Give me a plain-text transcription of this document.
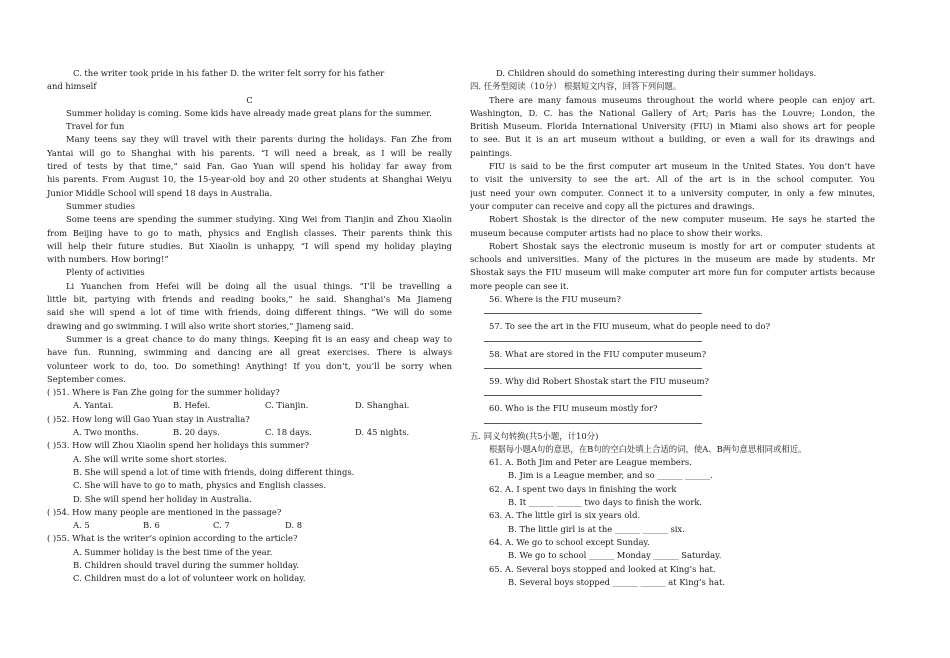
C. the writer took pride in his father D. the writer felt sorry for his father
and himself
C
Summer holiday is coming. Some kids have already made great plans for the summer.
Travel for fun
Many teens say they will travel with their parents during the holidays. Fan Zhe from
Yantai will go to Shanghai with his parents. “I will need a break, as I will be really
tired of tests by that time,” said Fan. Gao Yuan will spend his holiday far away from
his parents. From August 10, the 15-year-old boy and 20 other students at Shanghai Weiyu
Junior Middle School will spend 18 days in Australia.
Summer studies
Some teens are spending the summer studying. Xing Wei from Tianjin and Zhou Xiaolin
from Beijing have to go to math, physics and English classes. Their parents think this
will help their future studies. But Xiaolin is unhappy, “I will spend my holiday playing
with numbers. How boring!”
Plenty of activities
Li Yuanchen from Hefei will be doing all the usual things. “I’ll be travelling a
little bit, partying with friends and reading books,” he said. Shanghai’s Ma Jiameng
said she will spend a lot of time with friends, doing different things. “We will do some
drawing and go swimming. I will also write short stories,” Jiameng said.
Summer is a great chance to do many things. Keeping fit is an easy and cheap way to
have fun. Running, swimming and dancing are all great exercises. There is always
volunteer work to do, too. Do something! Anything! If you don’t, you’ll be sorry when
September comes.
( )51. Where is Fan Zhe going for the summer holiday?
A. Yantai.	B. Hefei.	C. Tianjin.	D. Shanghai.
( )52. How long will Gao Yuan stay in Australia?
A. Two months.	B. 20 days.	C. 18 days.	D. 45 nights.
( )53. How will Zhou Xiaolin spend her holidays this summer?
A. She will write some short stories.
B. She will spend a lot of time with friends, doing different things.
C. She will have to go to math, physics and English classes.
D. She will spend her holiday in Australia.
( )54. How many people are mentioned in the passage?
A. 5	B. 6	C. 7	D. 8
( )55. What is the writer’s opinion according to the article?
A. Summer holiday is the best time of the year.
B. Children should travel during the summer holiday.
C. Children must do a lot of volunteer work on holiday.
D. Children should do something interesting during their summer holidays.
四. 任务型阅读（10分） 根据短文内容，回答下列问题。
There are many famous museums throughout the world where people can enjoy art.
Washington, D. C. has the National Gallery of Art; Paris has the Louvre; London, the
British Museum. Florida International University (FIU) in Miami also shows art for people
to see. But it is an art museum without a building, or even a wall for its drawings and
paintings.
FIU is said to be the first computer art museum in the United States. You don’t have
to visit the university to see the art. All of the art is in the school computer. You
just need your own computer. Connect it to a university computer, in only a few minutes,
your computer can receive and copy all the pictures and drawings.
Robert Shostak is the director of the new computer museum. He says he started the
museum because computer artists had no place to show their works.
Robert Shostak says the electronic museum is mostly for art or computer students at
schools and universities. Many of the pictures in the museum are made by students. Mr
Shostak says the FIU museum will make computer art more fun for computer artists because
more people can see it.
56. Where is the FIU museum?
57. To see the art in the FIU museum, what do people need to do?
58. What are stored in the FIU computer museum?
59. Why did Robert Shostak start the FIU museum?
60. Who is the FIU museum mostly for?
五. 同义句转换(共5小题，计10分)
根据每小题A句的意思，在B句的空白处填上合适的词，使A、B两句意思相同或相近。
61. A. Both Jim and Peter are League members.
B. Jim is a League member, and so ______ ______.
62. A. I spent two days in finishing the work
B. It ______ ______ two days to finish the work.
63. A. The little girl is six years old.
B. The little girl is at the ______ ______ six.
64. A. We go to school except Sunday.
B. We go to school ______ Monday ______ Saturday.
65. A. Several boys stopped and looked at King’s hat.
B. Several boys stopped ______ ______ at King’s hat.
